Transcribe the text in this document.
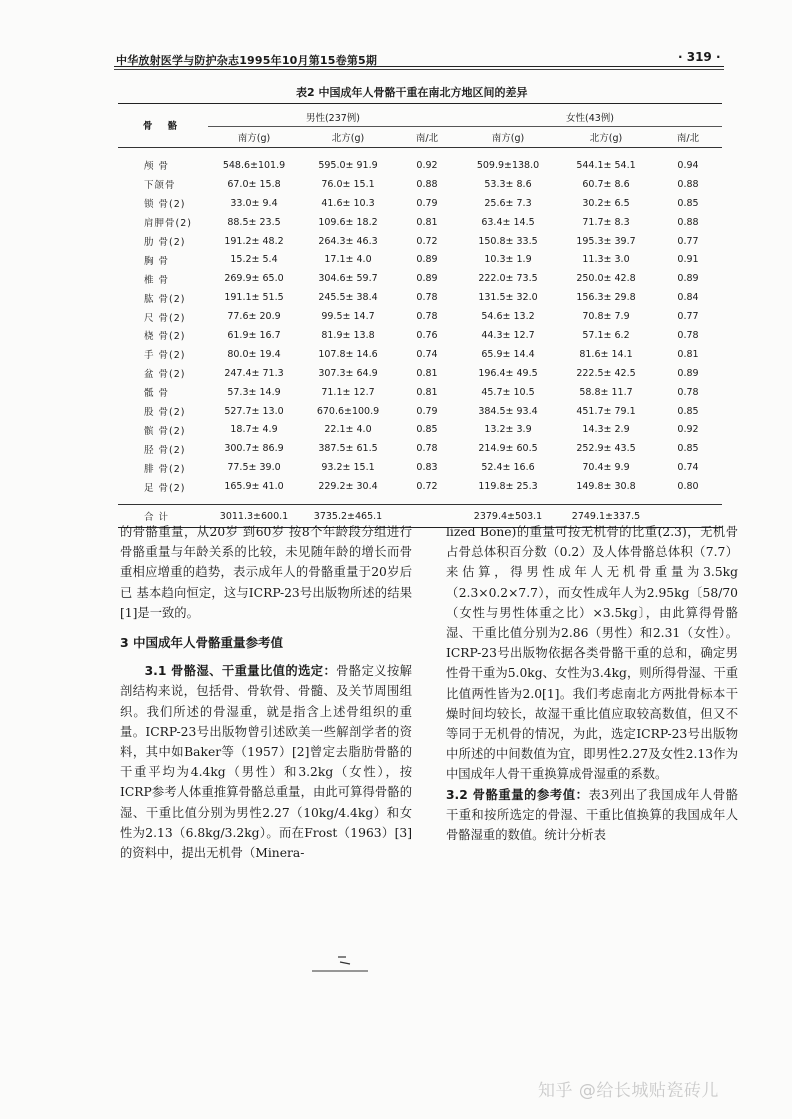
中华放射医学与防护杂志1995年10月第15卷第5期	· 319 ·
表2 中国成年人骨骼干重在南北方地区间的差异
骨 骼	男性(237例)			女性(43例)		
	南方(g)	北方(g)	南/北	南方(g)	北方(g)	南/北

颅 骨	548.6±101.9	595.0± 91.9	0.92	509.9±138.0	544.1± 54.1	0.94
下颌骨	67.0± 15.8	76.0± 15.1	0.88	53.3± 8.6	60.7± 8.6	0.88
锁 骨(2)	33.0± 9.4	41.6± 10.3	0.79	25.6± 7.3	30.2± 6.5	0.85
肩胛骨(2)	88.5± 23.5	109.6± 18.2	0.81	63.4± 14.5	71.7± 8.3	0.88
肋 骨(2)	191.2± 48.2	264.3± 46.3	0.72	150.8± 33.5	195.3± 39.7	0.77
胸 骨	15.2± 5.4	17.1± 4.0	0.89	10.3± 1.9	11.3± 3.0	0.91
椎 骨	269.9± 65.0	304.6± 59.7	0.89	222.0± 73.5	250.0± 42.8	0.89
肱 骨(2)	191.1± 51.5	245.5± 38.4	0.78	131.5± 32.0	156.3± 29.8	0.84
尺 骨(2)	77.6± 20.9	99.5± 14.7	0.78	54.6± 13.2	70.8± 7.9	0.77
桡 骨(2)	61.9± 16.7	81.9± 13.8	0.76	44.3± 12.7	57.1± 6.2	0.78
手 骨(2)	80.0± 19.4	107.8± 14.6	0.74	65.9± 14.4	81.6± 14.1	0.81
盆 骨(2)	247.4± 71.3	307.3± 64.9	0.81	196.4± 49.5	222.5± 42.5	0.89
骶 骨	57.3± 14.9	71.1± 12.7	0.81	45.7± 10.5	58.8± 11.7	0.78
股 骨(2)	527.7± 13.0	670.6±100.9	0.79	384.5± 93.4	451.7± 79.1	0.85
髌 骨(2)	18.7± 4.9	22.1± 4.0	0.85	13.2± 3.9	14.3± 2.9	0.92
胫 骨(2)	300.7± 86.9	387.5± 61.5	0.78	214.9± 60.5	252.9± 43.5	0.85
腓 骨(2)	77.5± 39.0	93.2± 15.1	0.83	52.4± 16.6	70.4± 9.9	0.74
足 骨(2)	165.9± 41.0	229.2± 30.4	0.72	119.8± 25.3	149.8± 30.8	0.80

合 计	3011.3±600.1	3735.2±465.1		2379.4±503.1	2749.1±337.5	

的骨骼重量，从20岁 到60岁 按8个年龄段分组进行骨骼重量与年龄关系的比较，未见随年龄的增长而骨重相应增重的趋势，表示成年人的骨骼重量于20岁后已 基本趋向恒定，这与ICRP-23号出版物所述的结果[1]是一致的。

3 中国成年人骨骼重量参考值

3.1 骨骼湿、干重量比值的选定：骨骼定义按解剖结构来说，包括骨、骨软骨、骨髓、及关节周围组织。我们所述的骨湿重，就是指含上述骨组织的重量。ICRP-23号出版物曾引述欧美一些解剖学者的资料，其中如Baker等（1957）[2]曾定去脂肪骨骼的干重平均为4.4kg（男性）和3.2kg（女性），按ICRP参考人体重推算骨骼总重量，由此可算得骨骼的湿、干重比值分别为男性2.27（10kg/4.4kg）和女性为2.13（6.8kg/3.2kg）。而在Frost（1963）[3]的资料中，提出无机骨（Minera-

lized Bone)的重量可按无机骨的比重(2.3)，无机骨占骨总体积百分数（0.2）及人体骨骼总体积（7.7）来估算，得男性成年人无机骨重量为3.5kg（2.3×0.2×7.7），而女性成年人为2.95kg〔58/70（女性与男性体重之比）×3.5kg〕，由此算得骨骼湿、干重比值分别为2.86（男性）和2.31（女性）。ICRP-23号出版物依据各类骨骼干重的总和，确定男性骨干重为5.0kg、女性为3.4kg，则所得骨湿、干重比值两性皆为2.0[1]。我们考虑南北方两批骨标本干燥时间均较长，故湿干重比值应取较高数值，但又不等同于无机骨的情况，为此，选定ICRP-23号出版物中所述的中间数值为宜，即男性2.27及女性2.13作为中国成年人骨干重换算成骨湿重的系数。

3.2 骨骼重量的参考值：表3列出了我国成年人骨骼干重和按所选定的骨湿、干重比值换算的我国成年人骨骼湿重的数值。统计分析表

知乎 @给长城贴瓷砖儿
